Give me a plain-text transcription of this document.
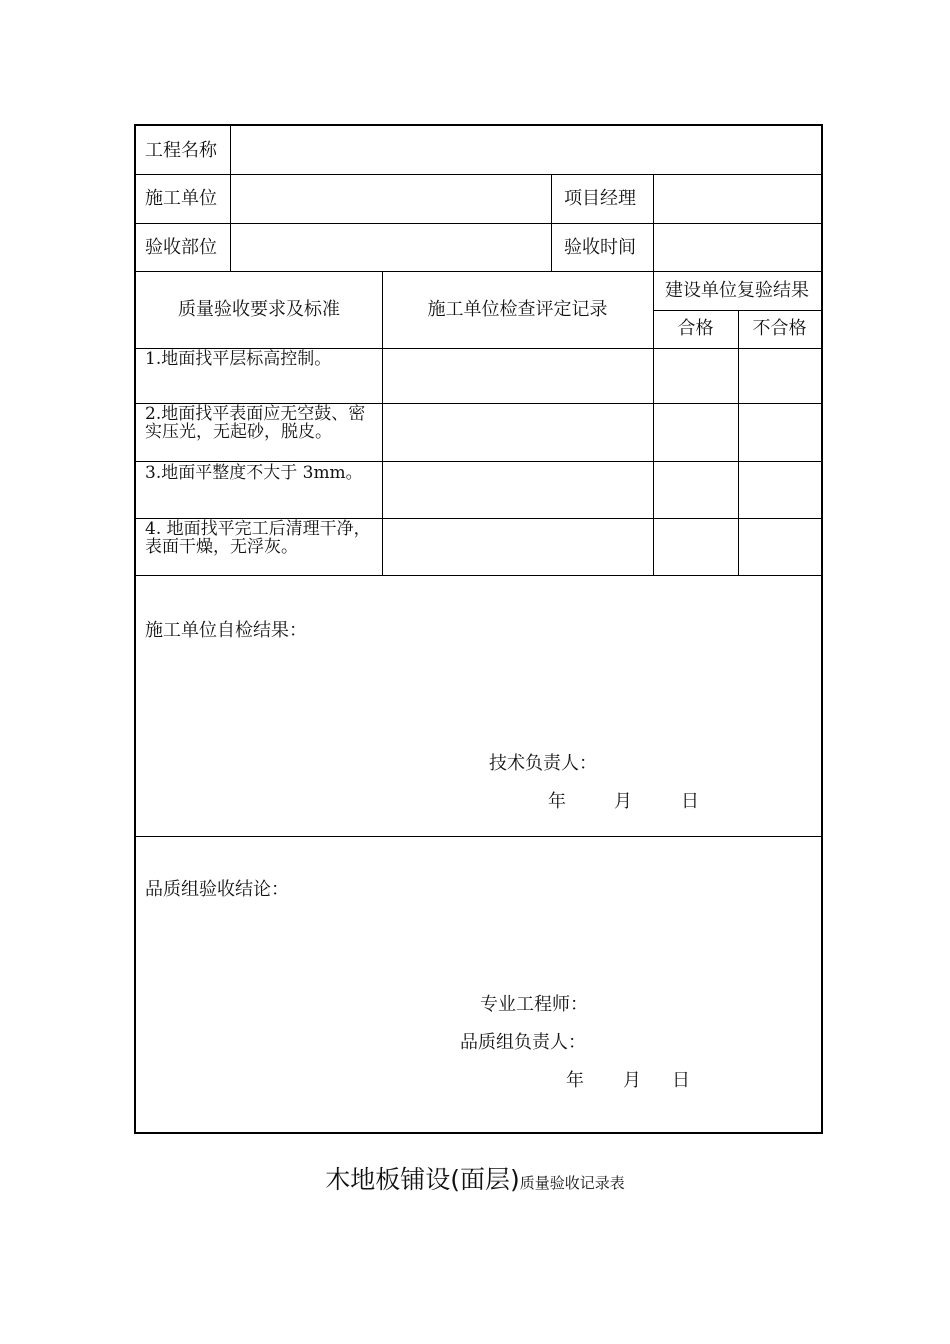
工程名称
施工单位	项目经理
验收部位	验收时间
质量验收要求及标准	施工单位检查评定记录
建设单位复验结果
合格	不合格
1.地面找平层标高控制。
2.地面找平表面应无空鼓、密实压光，无起砂，脱皮。
3.地面平整度不大于 3mm。
4. 地面找平完工后清理干净，表面干燥，无浮灰。
施工单位自检结果：
技术负责人：
年	月	日
品质组验收结论：
专业工程师：
品质组负责人：
年 月 日
木地板铺设(面层)质量验收记录表
